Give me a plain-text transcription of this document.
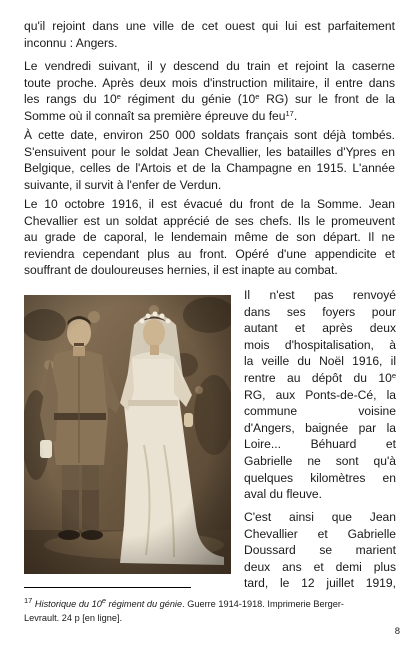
qu'il rejoint dans une ville de cet ouest qui lui est parfaitement
inconnu : Angers.

Le vendredi suivant, il y descend du train et rejoint la caserne
toute proche. Après deux mois d'instruction militaire, il entre dans
les rangs du 10e régiment du génie (10e RG) sur le front de la
Somme où il connaît sa première épreuve du feu$^{17}$.

À cette date, environ 250 000 soldats français sont déjà tombés.
S'ensuivent pour le soldat Jean Chevallier, les batailles d'Ypres en
Belgique, celles de l'Artois et de la Champagne en 1915. L'année
suivante, il survit à l'enfer de Verdun.

Le 10 octobre 1916, il est évacué du front de la Somme. Jean
Chevallier est un soldat apprécié de ses chefs. Ils le promeuvent
au grade de caporal, le lendemain même de son départ. Il ne
reviendra cependant plus au front. Opéré d'une appendicite et
souffrant de douloureuses hernies, il est inapte au combat.

Il n'est pas renvoyé
dans ses foyers pour
autant et après deux
mois d'hospitalisation, à
la veille du Noël 1916, il
rentre au dépôt du 10e
RG, aux Ponts-de-Cé, la
commune voisine
d'Angers, baignée par la
Loire... Béhuard et
Gabrielle ne sont qu'à
quelques kilomètres en
aval du fleuve.

C'est ainsi que Jean
Chevallier et Gabrielle
Doussard se marient
deux ans et demi plus
tard, le 12 juillet 1919,

$^{17}$ Historique du 10e régiment du génie. Guerre 1914-1918. Imprimerie Berger-
Levrault. 24 p [en ligne].

8
